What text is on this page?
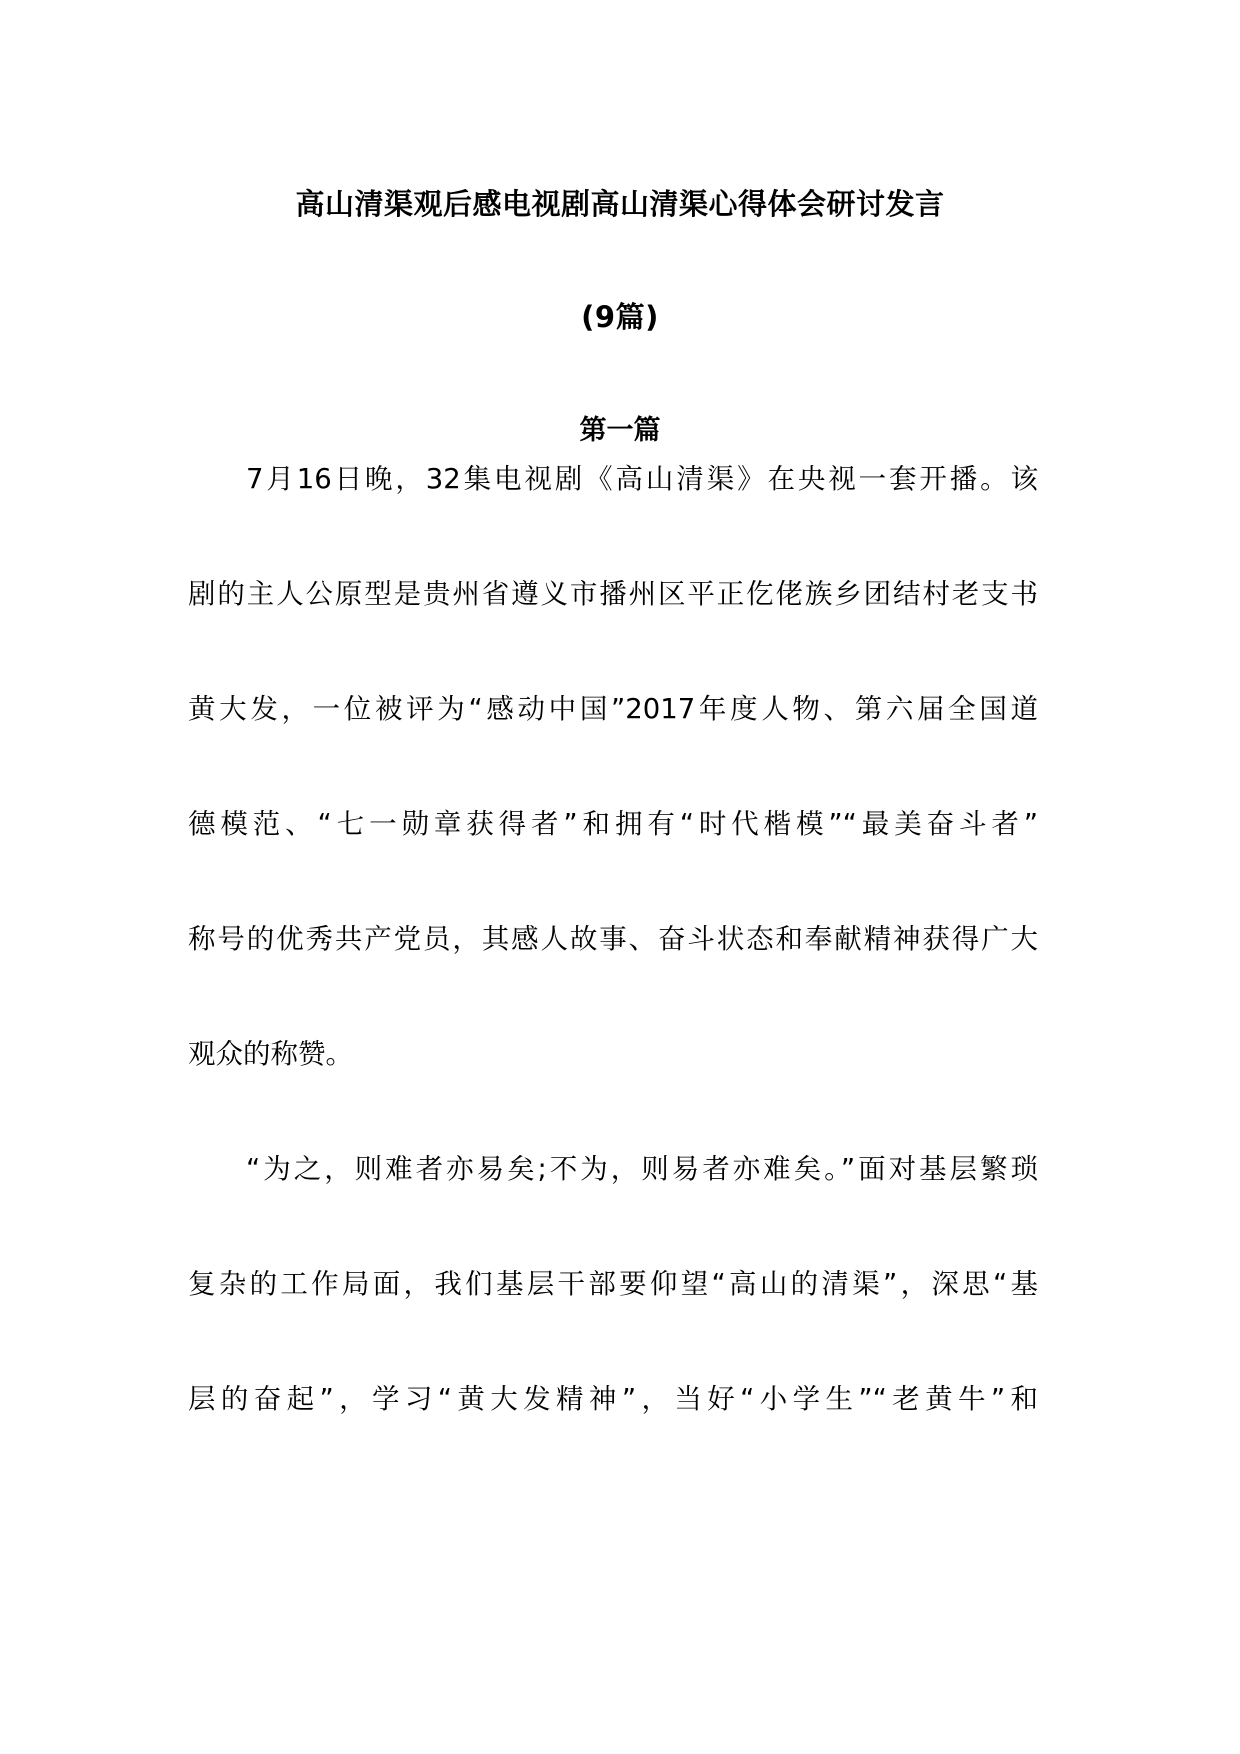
高山清渠观后感电视剧高山清渠心得体会研讨发言
(9篇)
第一篇
7月16日晚，32集电视剧《高山清渠》在央视一套开播。该
剧的主人公原型是贵州省遵义市播州区平正仡佬族乡团结村老支书
黄大发，一位被评为“感动中国”2017年度人物、第六届全国道
德模范、“七一勋章获得者”和拥有“时代楷模”“最美奋斗者”
称号的优秀共产党员，其感人故事、奋斗状态和奉献精神获得广大
观众的称赞。
“为之，则难者亦易矣;不为，则易者亦难矣。”面对基层繁琐
复杂的工作局面，我们基层干部要仰望“高山的清渠”，深思“基
层的奋起”，学习“黄大发精神”，当好“小学生”“老黄牛”和
